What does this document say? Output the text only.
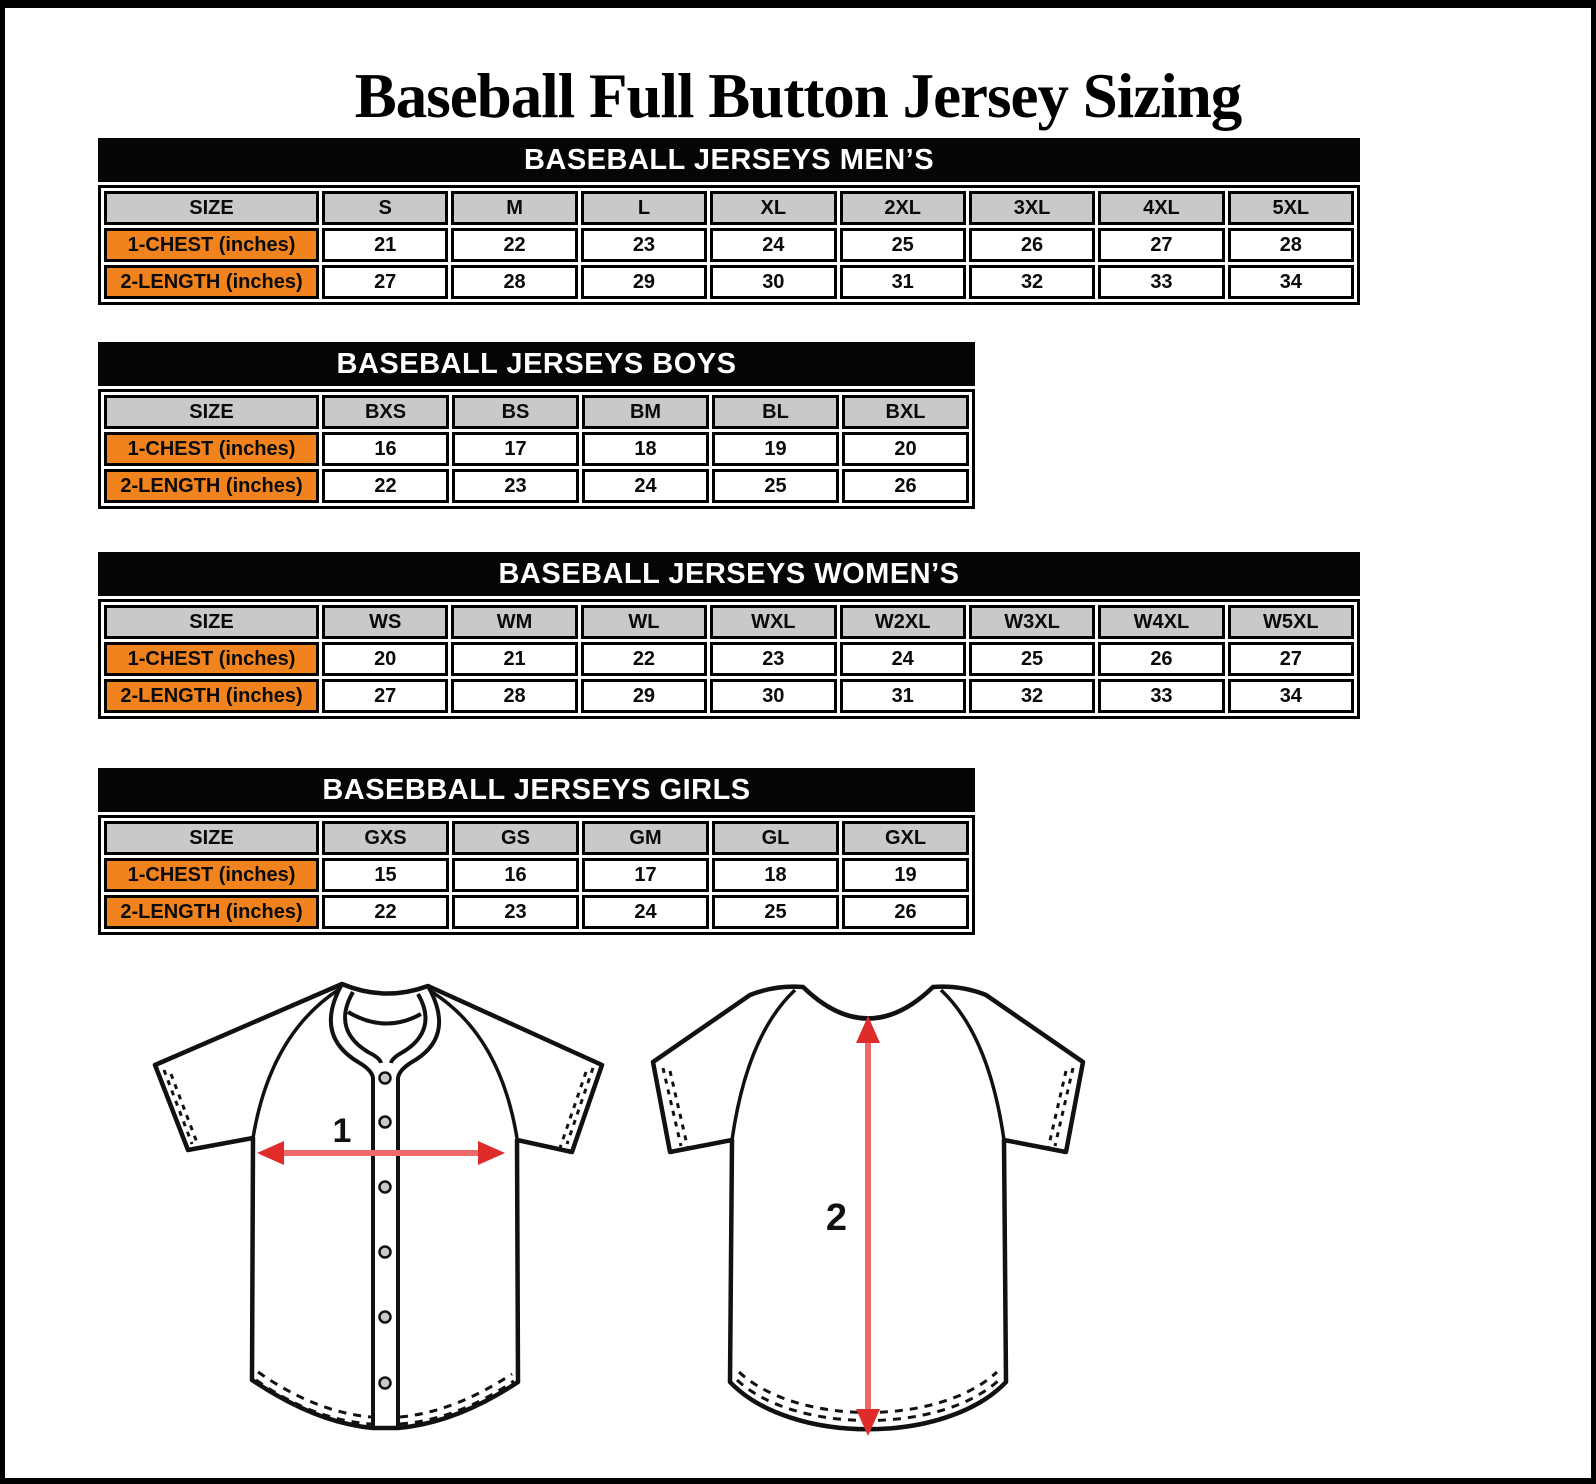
Baseball Full Button Jersey Sizing
BASEBALL JERSEYS MEN’S
SIZE	S	M	L	XL	2XL	3XL	4XL	5XL
1-CHEST (inches)	21	22	23	24	25	26	27	28
2-LENGTH (inches)	27	28	29	30	31	32	33	34
BASEBALL JERSEYS BOYS
SIZE	BXS	BS	BM	BL	BXL
1-CHEST (inches)	16	17	18	19	20
2-LENGTH (inches)	22	23	24	25	26
BASEBALL JERSEYS WOMEN’S
SIZE	WS	WM	WL	WXL	W2XL	W3XL	W4XL	W5XL
1-CHEST (inches)	20	21	22	23	24	25	26	27
2-LENGTH (inches)	27	28	29	30	31	32	33	34
BASEBBALL JERSEYS GIRLS
SIZE	GXS	GS	GM	GL	GXL
1-CHEST (inches)	15	16	17	18	19
2-LENGTH (inches)	22	23	24	25	26
1
2
